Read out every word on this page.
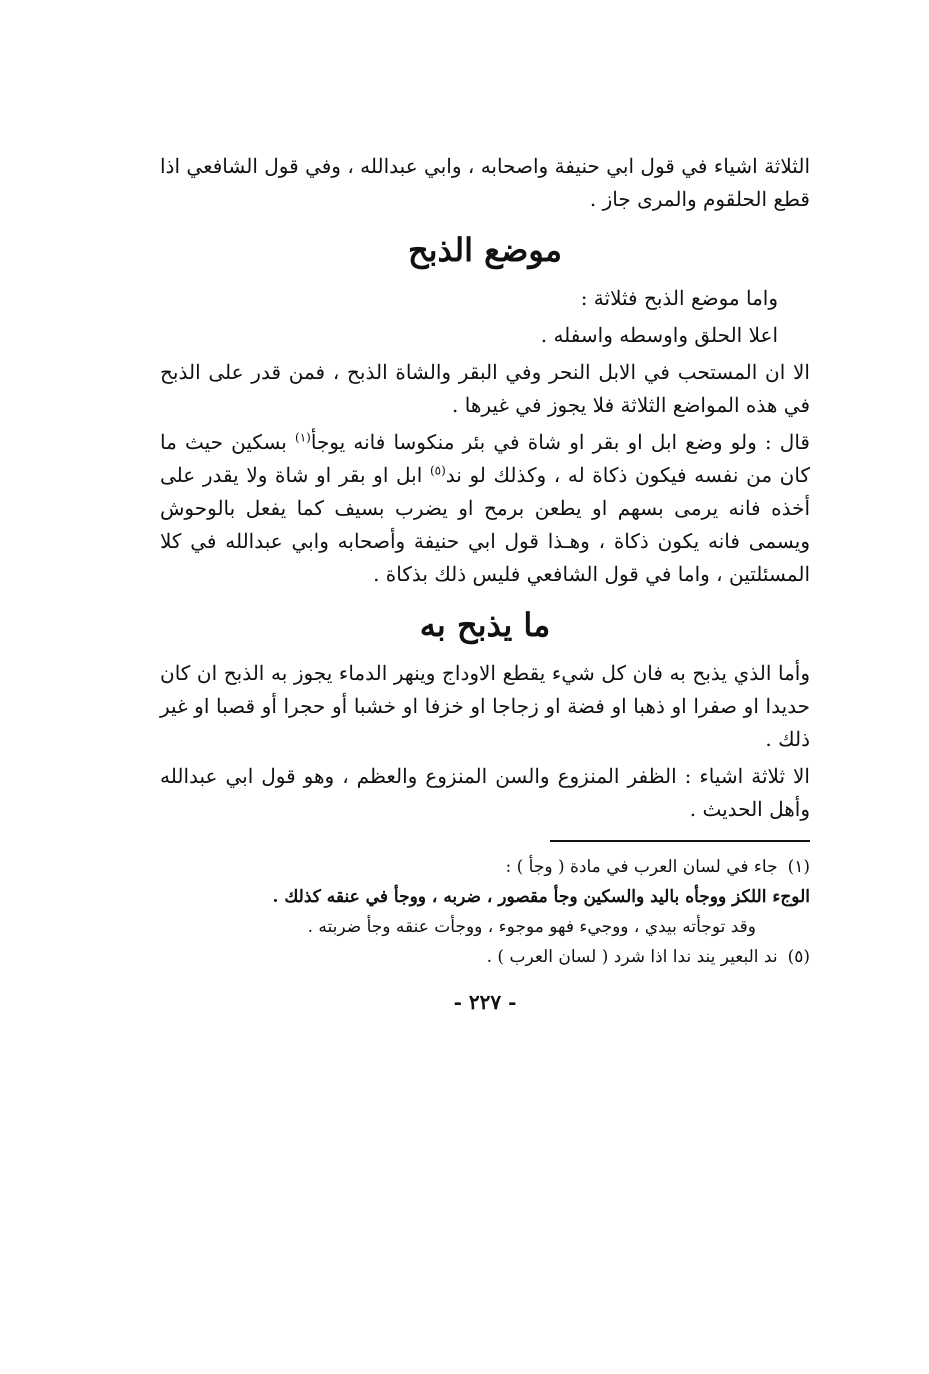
الثلاثة اشياء في قول ابي حنيفة واصحابه ، وابي عبدالله ، وفي قول الشافعي اذا قطع الحلقوم والمرى جاز .
موضع الذبح
واما موضع الذبح فثلاثة :
اعلا الحلق واوسطه واسفله .
الا ان المستحب في الابل النحر وفي البقر والشاة الذبح ، فمن قدر على الذبح في هذه المواضع الثلاثة فلا يجوز في غيرها .
قال : ولو وضع ابل او بقر او شاة في بئر منكوسا فانه يوجأ$^{(١)}$ بسكين حيث ما كان من نفسه فيكون ذكاة له ، وكذلك لو ند$^{(٥)}$ ابل او بقر او شاة ولا يقدر على أخذه فانه يرمى بسهم او يطعن برمح او يضرب بسيف كما يفعل بالوحوش ويسمى فانه يكون ذكاة ، وهـذا قول ابي حنيفة وأصحابه وابي عبدالله في كلا المسئلتين ، واما في قول الشافعي فليس ذلك بذكاة .
ما يذبح به
وأما الذي يذبح به فان كل شيء يقطع الاوداج وينهر الدماء يجوز به الذبح ان كان حديدا او صفرا او ذهبا او فضة او زجاجا او خزفا او خشبا أو حجرا أو قصبا او غير ذلك .
الا ثلاثة اشياء : الظفر المنزوع والسن المنزوع والعظم ، وهو قول ابي عبدالله وأهل الحديث .
(١)جاء في لسان العرب في مادة ( وجأ ) :
الوجء اللكز ووجأه باليد والسكين وجأ مقصور ، ضربه ، ووجأ في عنقه كذلك .
وقد توجأته بيدي ، ووجيء فهو موجوء ، ووجأت عنقه وجأ ضربته .
(٥)ند البعير يند ندا اذا شرد ( لسان العرب ) .
- ٢٢٧ -
